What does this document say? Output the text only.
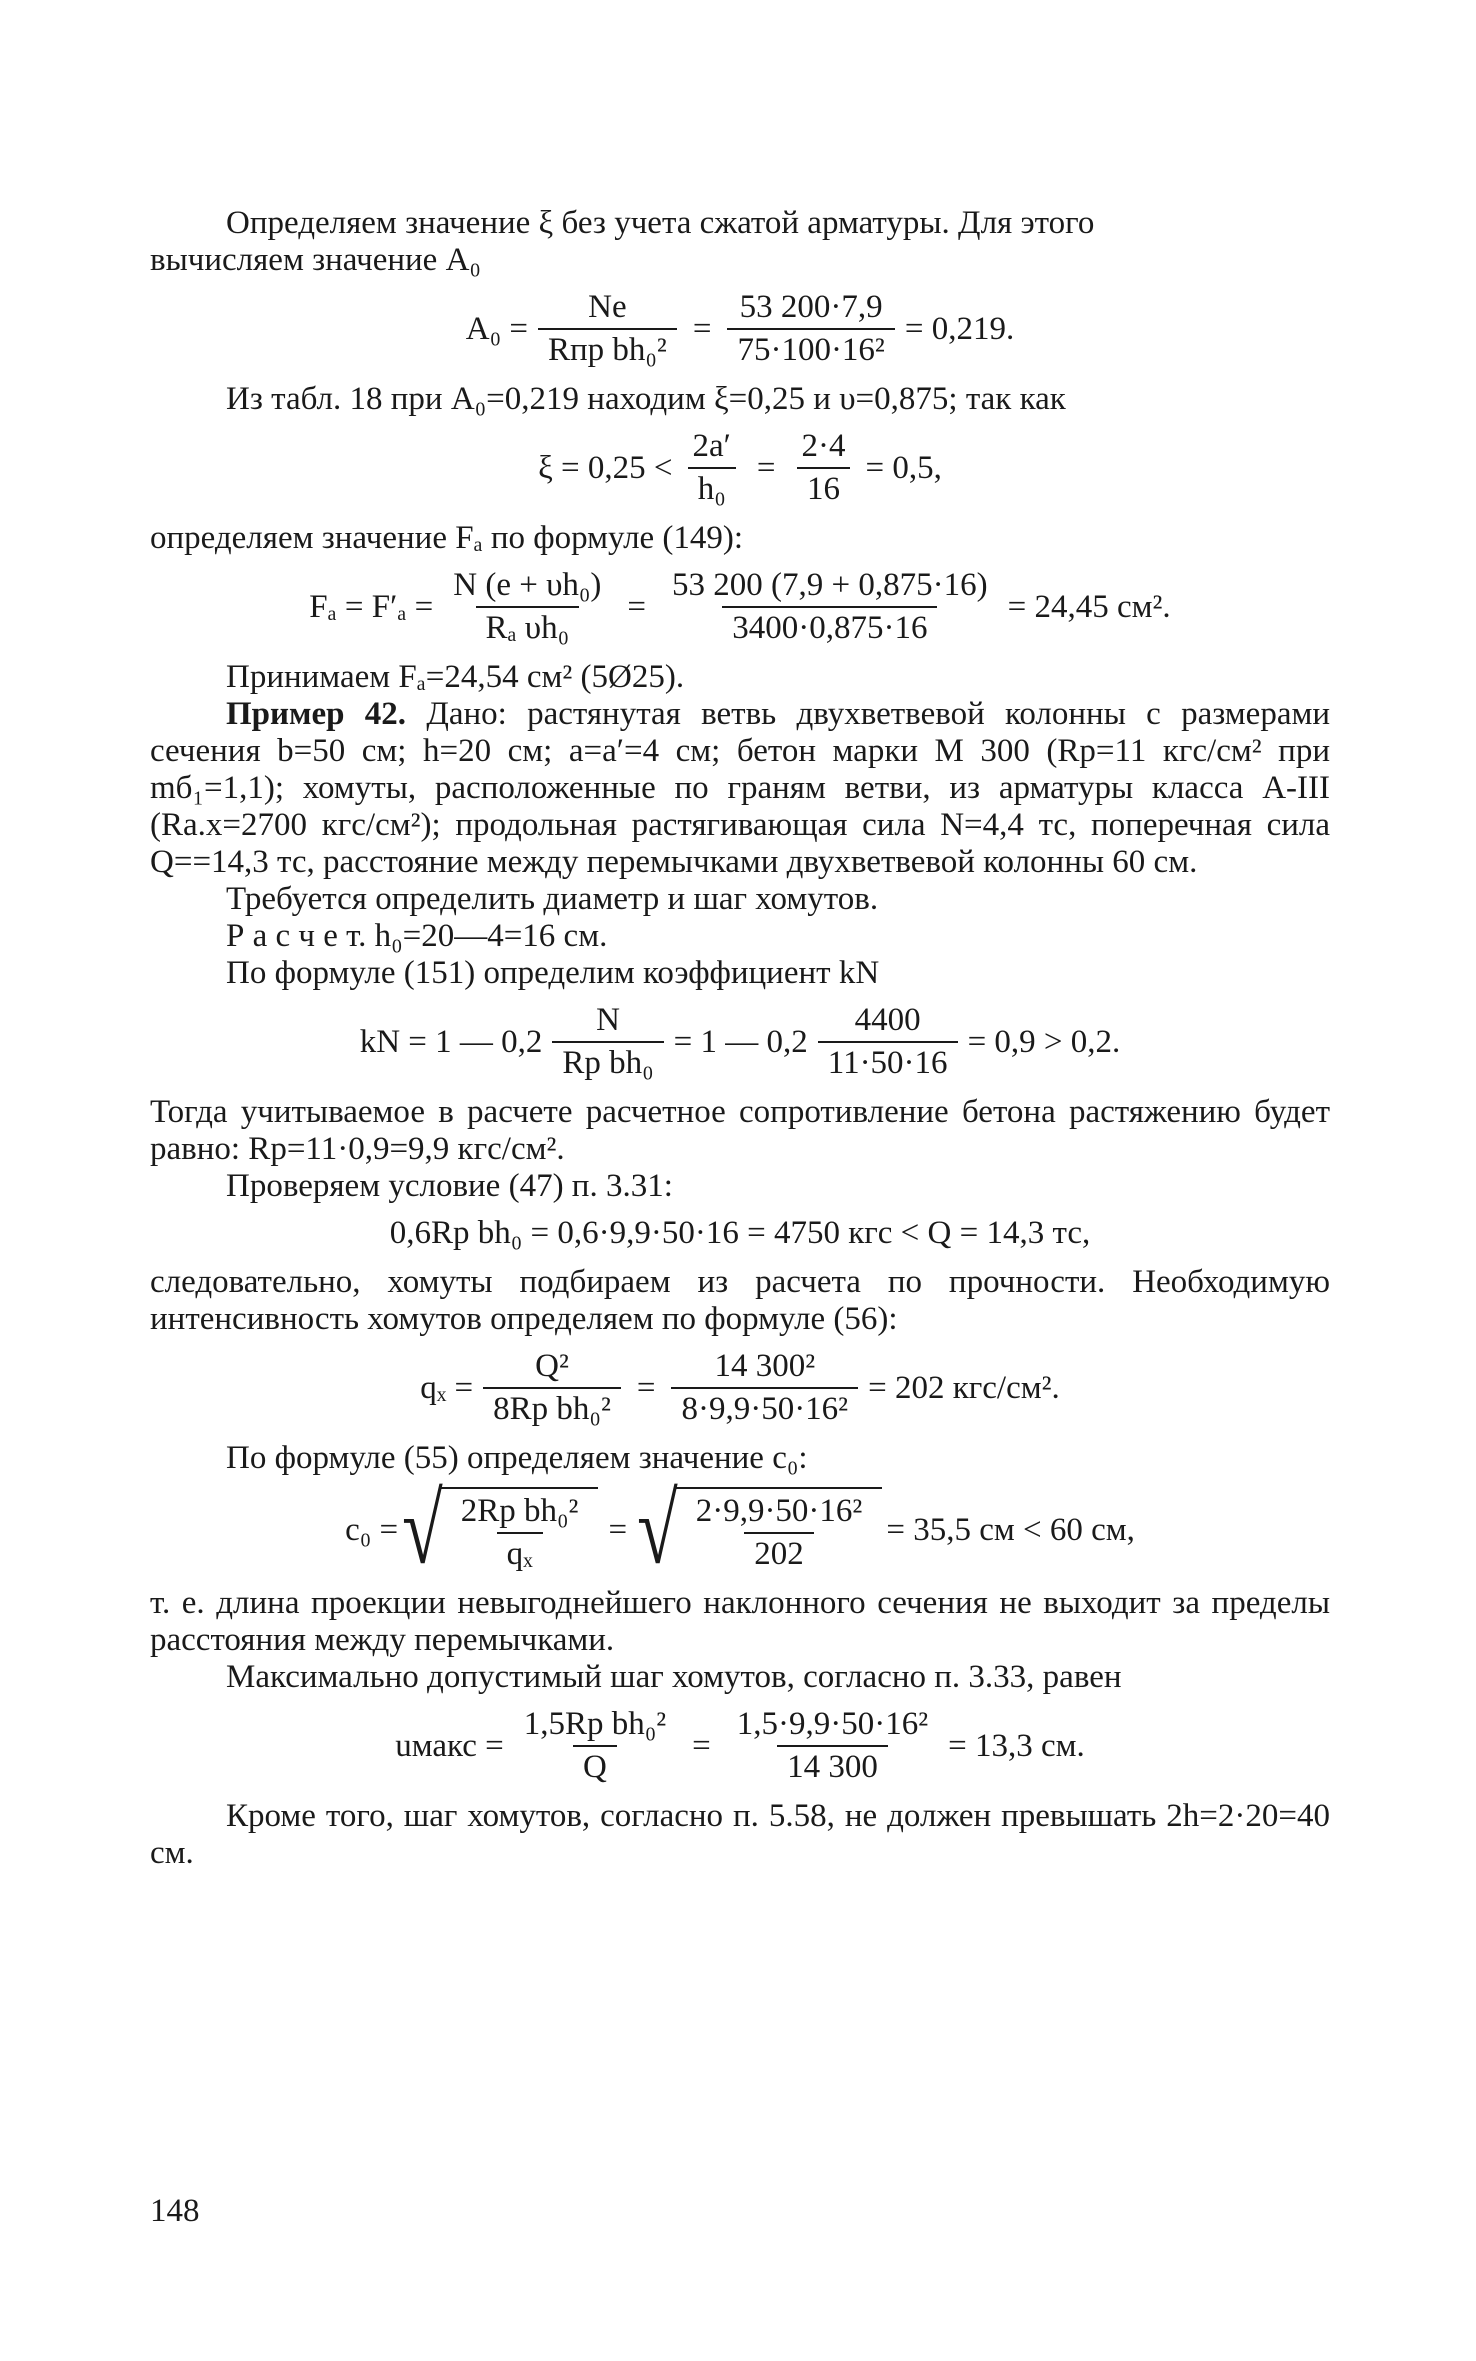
Определяем значение ξ без учета сжатой арматуры. Для этого

вычисляем значение A₀

$A_0 = \frac{Ne}{\text{Rпр bh₀²}} = \frac{53 200\cdot 7,9}{\text{75·100·16²}} = 0,219$.

Из табл. 18 при A₀=0,219 находим ξ=0,25 и υ=0,875; так как

$\xi = 0,25 < \frac{2a'}{\text{h₀}} = \frac{2\cdot 4}{16} = 0,5$,

определяем значение Fₐ по формуле (149):

$F_a = F'_a = \frac{\text{N (e + υh₀)}}{\text{Rₐ υh₀}} = \frac{53 200 (7,9 + 0,875\cdot 16)}{3400\cdot 0,875\cdot 16} = 24,45$ см².

Принимаем Fₐ=24,54 см² (5Ø25).

Пример 42. Дано: растянутая ветвь двухветвевой колонны с размерами сечения b=50 см; h=20 см; a=a′=4 см; бетон марки М 300 (Rр=11 кгс/см² при mб₁=1,1); хомуты, расположенные по граням ветви, из арматуры класса А-III (Rа.х=2700 кгс/см²); продольная растягивающая сила N=4,4 тс, поперечная сила Q==14,3 тс, расстояние между перемычками двухветвевой колонны 60 см.

Требуется определить диаметр и шаг хомутов.

Р а с ч е т. h₀=20—4=16 см.

По формуле (151) определим коэффициент kN

kN = 1 — $0,2 \frac{N}{\text{Rр bh₀}} = 1$ — $0,2 \frac{4400}{11\cdot 50\cdot 16} = 0,9 > 0,2$.

Тогда учитываемое в расчете расчетное сопротивление бетона растяжению будет равно: Rр=11·0,9=9,9 кгс/см².

Проверяем условие (47) п. 3.31:

0,6Rр bh₀ = 0,6·9,9·50·16 = 4750 кгс < Q = 14,3 тс,

следовательно, хомуты подбираем из расчета по прочности. Необходимую интенсивность хомутов определяем по формуле (56):

$q_x = \frac{\text{Q²}}{\text{8Rр bh₀²}} = \frac{\text{14 300²}}{\text{8·9,9·50·16²}} = 202$ кгс/см².

По формуле (55) определяем значение c₀:

c₀ = √ $\frac{\text{2Rр bh₀²}}{\text{qₓ}}$ = √ $\frac{\text{2·9,9·50·16²}}{202} = 35,5$ см < 60 см,

т. е. длина проекции невыгоднейшего наклонного сечения не выходит за пределы расстояния между перемычками.

Максимально допустимый шаг хомутов, согласно п. 3.33, равен

uмакс = $\frac{\text{1,5Rр bh₀²}}{Q} = \frac{\text{1,5·9,9·50·16²}}{14 300} = 13,3$ см.

Кроме того, шаг хомутов, согласно п. 5.58, не должен превышать 2h=2·20=40 см.

148
